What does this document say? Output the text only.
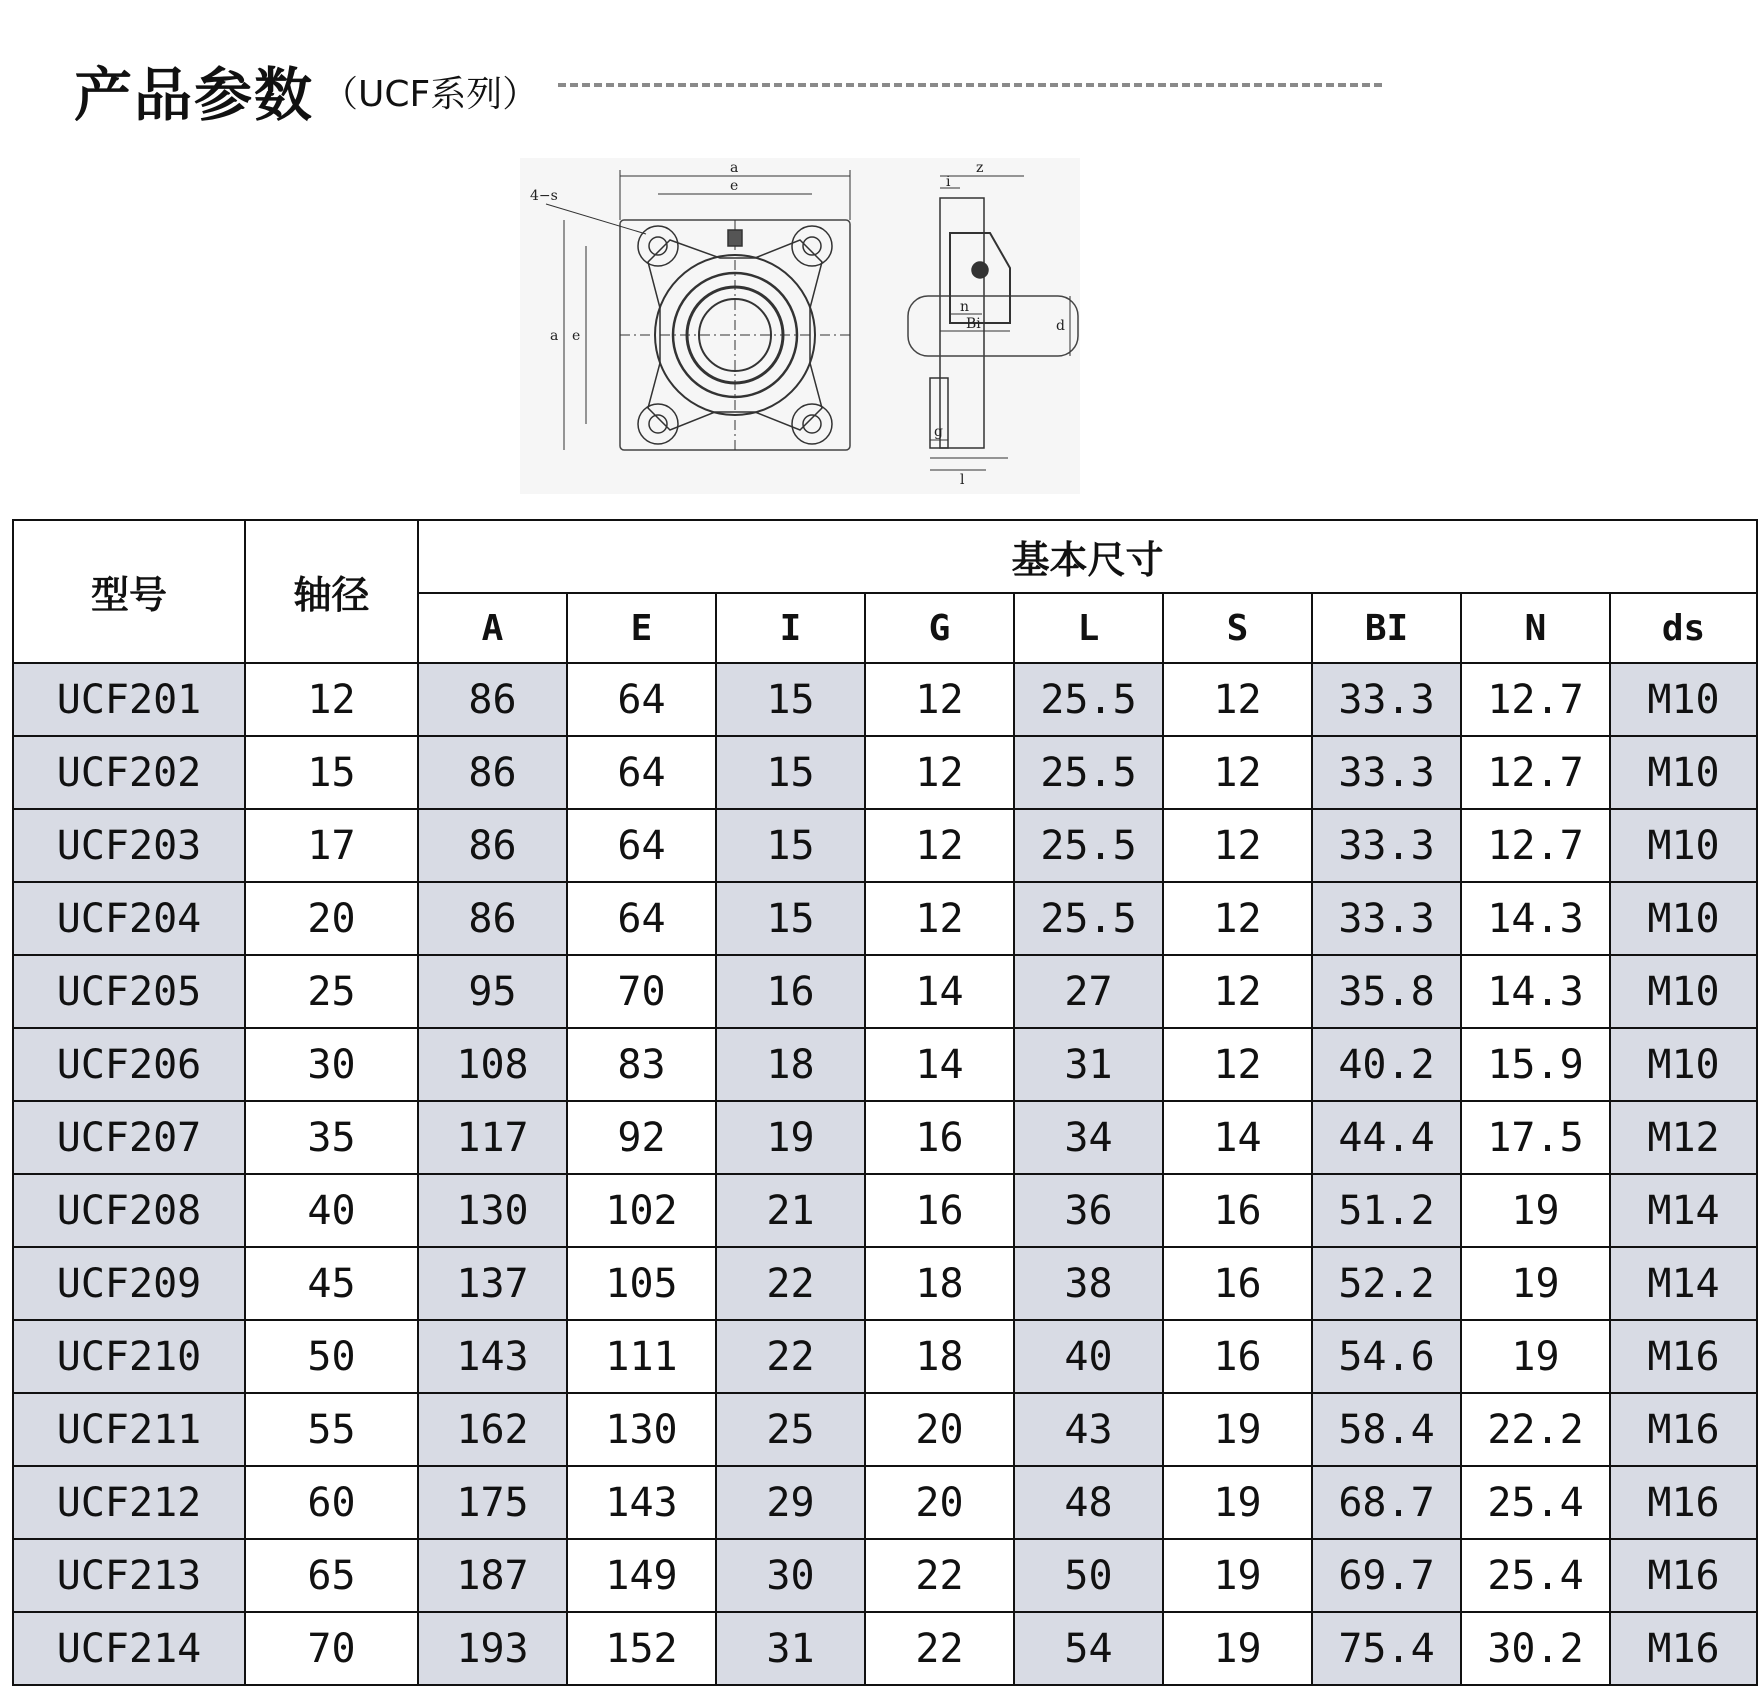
产品参数 （UCF系列）
a
e
4−s
a e
z
i
n
Bi	d
g
l
型号	轴径	基本尺寸								
		A	E	I	G	L	S	BI	N	ds
UCF201	12	86	64	15	12	25.5	12	33.3	12.7	M10
UCF202	15	86	64	15	12	25.5	12	33.3	12.7	M10
UCF203	17	86	64	15	12	25.5	12	33.3	12.7	M10
UCF204	20	86	64	15	12	25.5	12	33.3	14.3	M10
UCF205	25	95	70	16	14	27	12	35.8	14.3	M10
UCF206	30	108	83	18	14	31	12	40.2	15.9	M10
UCF207	35	117	92	19	16	34	14	44.4	17.5	M12
UCF208	40	130	102	21	16	36	16	51.2	19	M14
UCF209	45	137	105	22	18	38	16	52.2	19	M14
UCF210	50	143	111	22	18	40	16	54.6	19	M16
UCF211	55	162	130	25	20	43	19	58.4	22.2	M16
UCF212	60	175	143	29	20	48	19	68.7	25.4	M16
UCF213	65	187	149	30	22	50	19	69.7	25.4	M16
UCF214	70	193	152	31	22	54	19	75.4	30.2	M16
